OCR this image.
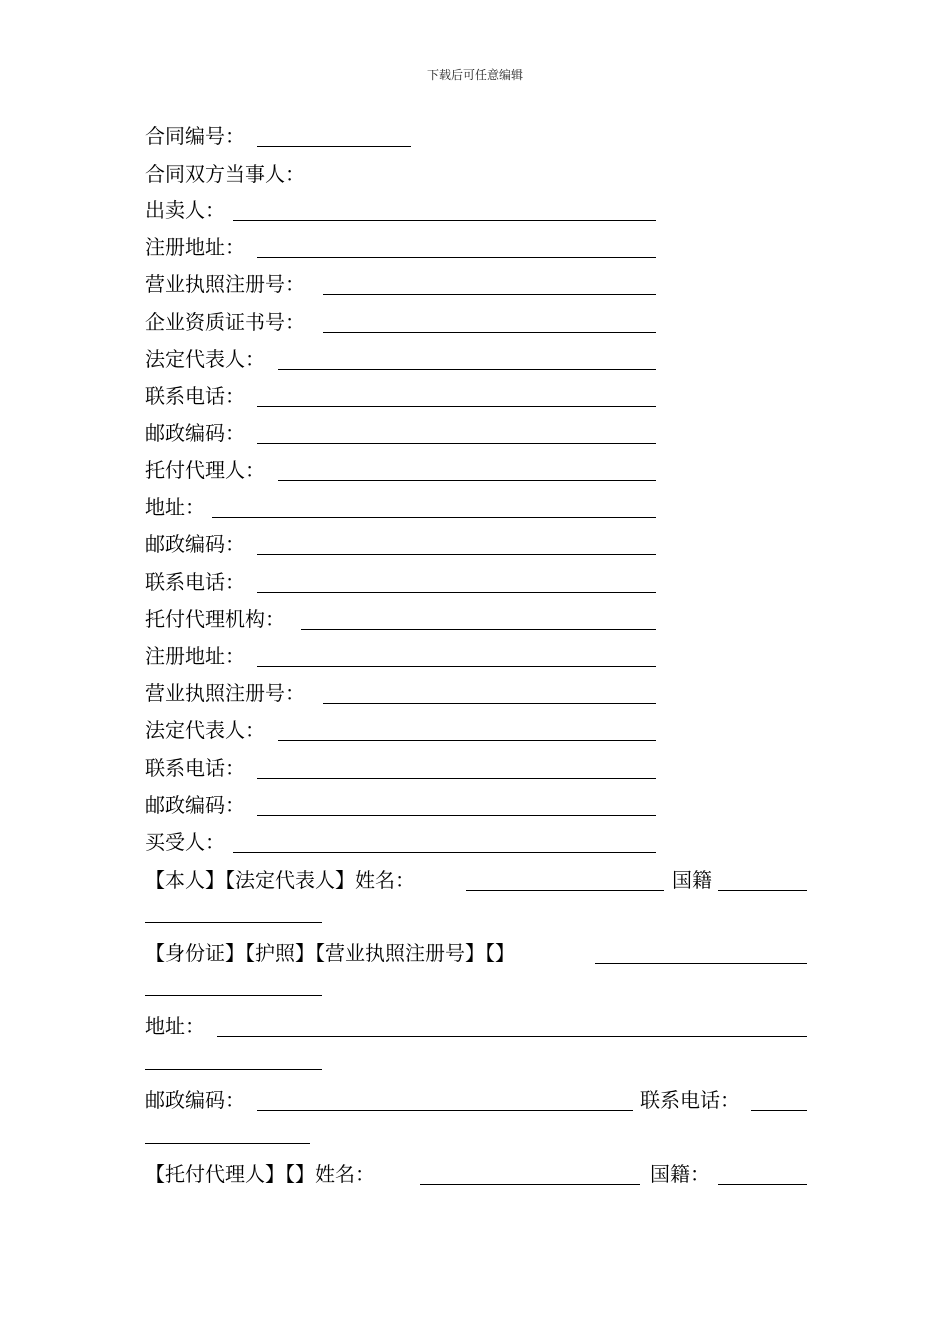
下载后可任意编辑
合同编号：
合同双方当事人：
出卖人：
注册地址：
营业执照注册号：
企业资质证书号：
法定代表人：
联系电话：
邮政编码：
托付代理人：
地址：
邮政编码：
联系电话：
托付代理机构：
注册地址：
营业执照注册号：
法定代表人：
联系电话：
邮政编码：
买受人：
【本人】【法定代表人】姓名：	国籍
【身份证】【护照】【营业执照注册号】【】
地址：
邮政编码：	联系电话：
【托付代理人】【】姓名：	国籍：
